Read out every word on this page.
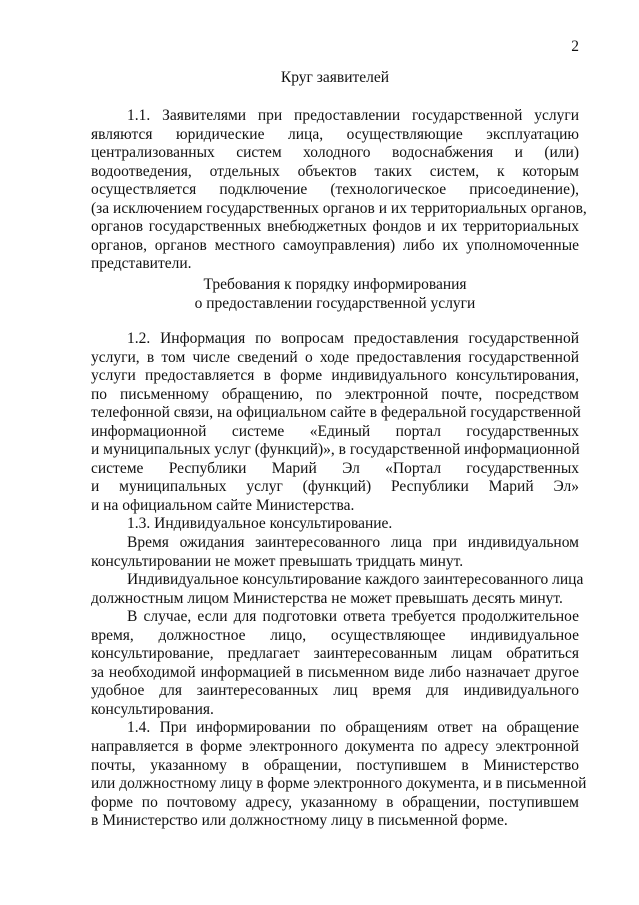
2
Круг заявителей
1.1. Заявителями при предоставлении государственной услуги
являются юридические лица, осуществляющие эксплуатацию
централизованных систем холодного водоснабжения и (или)
водоотведения, отдельных объектов таких систем, к которым
осуществляется подключение (технологическое присоединение),
(за исключением государственных органов и их территориальных органов,
органов государственных внебюджетных фондов и их территориальных
органов, органов местного самоуправления) либо их уполномоченные
представители.
Требования к порядку информирования
о предоставлении государственной услуги
1.2. Информация по вопросам предоставления государственной
услуги, в том числе сведений о ходе предоставления государственной
услуги предоставляется в форме индивидуального консультирования,
по письменному обращению, по электронной почте, посредством
телефонной связи, на официальном сайте в федеральной государственной
информационной системе «Единый портал государственных
и муниципальных услуг (функций)», в государственной информационной
системе Республики Марий Эл «Портал государственных
и муниципальных услуг (функций) Республики Марий Эл»
и на официальном сайте Министерства.
1.3. Индивидуальное консультирование.
Время ожидания заинтересованного лица при индивидуальном
консультировании не может превышать тридцать минут.
Индивидуальное консультирование каждого заинтересованного лица
должностным лицом Министерства не может превышать десять минут.
В случае, если для подготовки ответа требуется продолжительное
время, должностное лицо, осуществляющее индивидуальное
консультирование, предлагает заинтересованным лицам обратиться
за необходимой информацией в письменном виде либо назначает другое
удобное для заинтересованных лиц время для индивидуального
консультирования.
1.4. При информировании по обращениям ответ на обращение
направляется в форме электронного документа по адресу электронной
почты, указанному в обращении, поступившем в Министерство
или должностному лицу в форме электронного документа, и в письменной
форме по почтовому адресу, указанному в обращении, поступившем
в Министерство или должностному лицу в письменной форме.
